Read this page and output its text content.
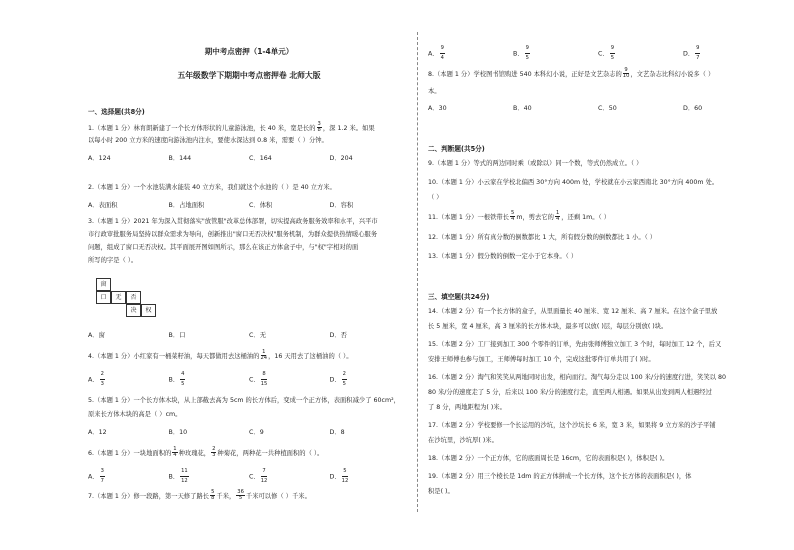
期中考点密押（1-4单元）
五年级数学下期期中考点密押卷 北师大版
一、选择题(共8分)
1.（本题 1 分）林育朗新建了一个长方体形状的儿童游泳池，长 40 米，宽是长的 $\frac{3}{8}$ ，深 1.2 米。如果
以每小时 200 立方米的速度向游泳池内注水，要使水深达到 0.8 米，需要（ ）分钟。
A．124	B．144	C．164	D．204
2.（本题 1 分）一个水池装满水能装 40 立方米，我们就这个水池的（ ）是 40 立方米。
A．表面积	B．占地面积	C．体积	D．容积
3.（本题 1 分）2021 年为深入贯彻落实"放管服"改革总体部署，切实提高政务服务效率和水平，兴平市
市行政审批服务局坚持以群众需求为导向，创新推出"窗口无否决权"服务机制，为群众提供热情暖心服务
问题，组成了窗口无否决权。其平面展开图如图所示，那么在该正方体盒子中，与"权"字相对的面
所写的字是（ ）。
窗
口	无	否
决	权
A．窗	B．口	C．无	D．否
4.（本题 1 分）小红家有一桶菜籽油，每天都做用去这桶油的 $\frac{1}{24}$ ，16 天用去了这桶油的（ ）。
A． $\frac{2}{3}$	B． $\frac{4}{5}$	C． $\frac{8}{15}$	D． $\frac{2}{5}$
5.（本题 1 分）一个长方体木块，从上部截去高为 5cm 的长方体后，变成一个正方体，表面积减少了 60cm²，
原来长方体木块的高是（ ）cm。
A．12	B．10	C．9	D．8
6.（本题 1 分）一块地面积的 $\frac{1}{4}$ 种玫瑰花， $\frac{2}{3}$ 种菊花，两种花一共种植面积的（ ）。
A． $\frac{3}{7}$	B． $\frac{11}{12}$	C． $\frac{7}{12}$	D． $\frac{5}{12}$
7.（本题 1 分）修一段路，第一天修了路长 $\frac{5}{8}$ 千米， $\frac{36}{5}$ 千米可以修（ ）千米。
A． $\frac{9}{4}$	B． $\frac{9}{5}$	C． $\frac{9}{5}$	D． $\frac{9}{7}$
8.（本题 1 分）学校图书馆购进 540 本科幻小说，正好是文艺杂志的 $\frac{9}{10}$ ，文艺杂志比科幻小说多（ ）
本。
A．30	B．40	C．50	D．60
二、判断题(共5分)
9.（本题 1 分）等式的两边同时乘（或除以）同一个数，等式仍然成立。（ ）
10.（本题 1 分）小云家在学校北偏西 30°方向 400m 处，学校就在小云家西南北 30°方向 400m 处。
（ ）
11.（本题 1 分）一根铁带长 $\frac{5}{4}$ m，剪去它的 $\frac{1}{4}$ ，还剩 1m。（ ）
12.（本题 1 分）所有真分数的倒数都比 1 大，所有假分数的倒数都比 1 小。（ ）
13.（本题 1 分）假分数的倒数一定小于它本身。（ ）
三、填空题(共24分)
14.（本题 2 分）有一个长方体的盒子，从里面量长 40 厘米、宽 12 厘米、高 7 厘米。在这个盒子里放
长 5 厘米，宽 4 厘米，高 3 厘米的长方体木块，最多可以放( )层，每层分别放( )块。
15.（本题 2 分）工厂接到加工 300 个零件的订单，先由张师傅独立加工 3 个时，每时加工 12 个，后又
安排王师傅也参与加工，王师傅每时加工 10 个，完成这批零件订单共用了( )时。
16.（本题 2 分）淘气和笑笑从两地同时出发，相向而行。淘气每分走以 100 米/分的速度行进，笑笑以 80
80 米/分的速度走了 5 分，后来以 100 米/分的速度行走，直至两人相遇。如果从出发到两人相遇经过
了 8 分，两地距程为( )米。
17.（本题 2 分）学校要修一个长运用的沙坑，这个沙坑长 6 米，宽 3 米，如果将 9 立方米的沙子平铺
在沙坑里，沙坑厚( )米。
18.（本题 2 分）一个正方体，它的底面周长是 16cm，它的表面积是( )，体积是( )。
19.（本题 2 分）用三个棱长是 1dm 的正方体拼成一个长方体，这个长方体的表面积是( )，体
积是( )。
